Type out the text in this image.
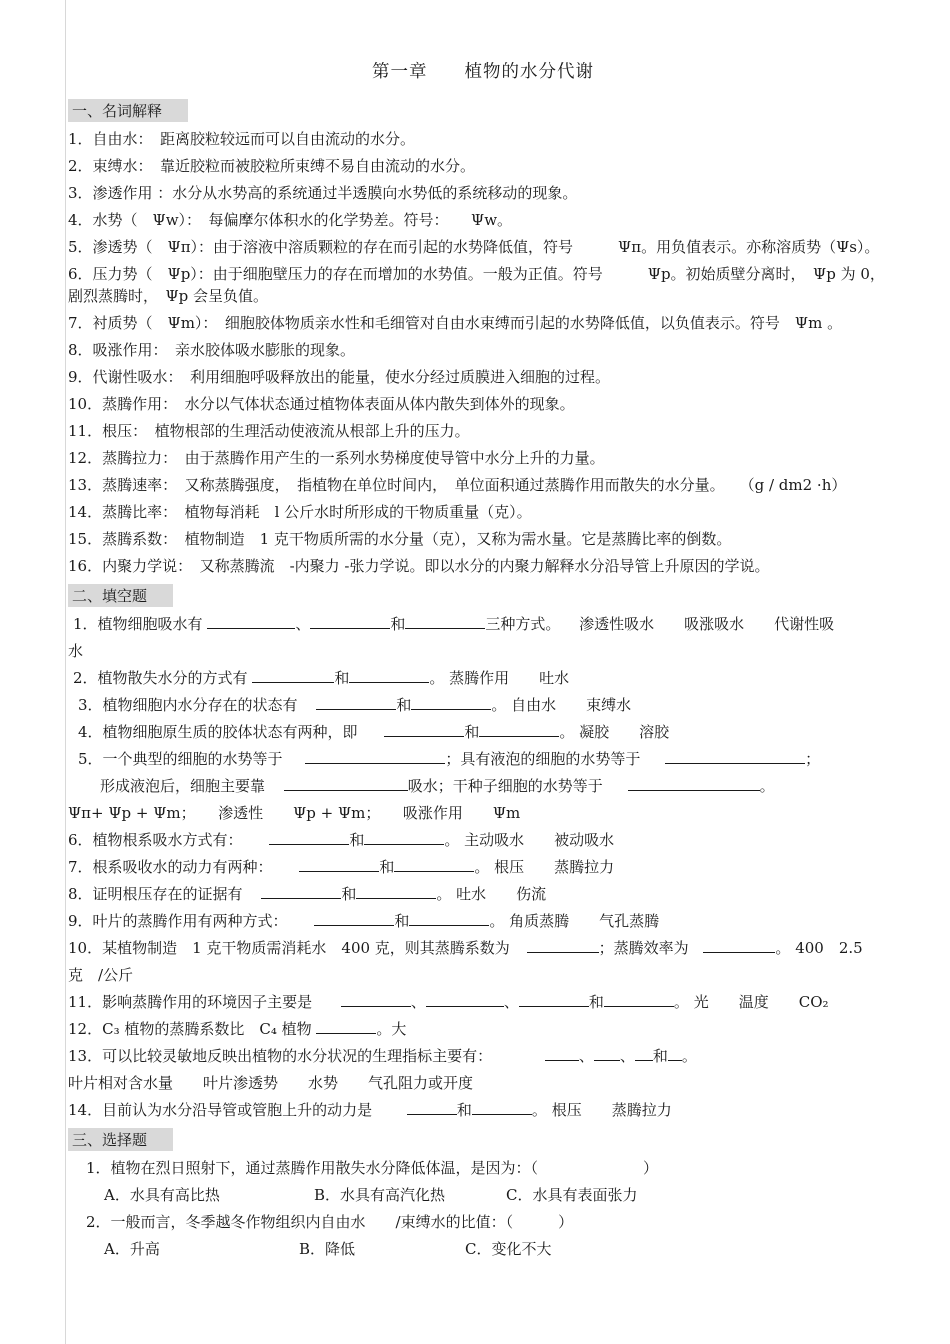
第一章　　植物的水分代谢
一、名词解释
1．自由水：　距离胶粒较远而可以自由流动的水分。
2．束缚水：　靠近胶粒而被胶粒所束缚不易自由流动的水分。
3．渗透作用 ：水分从水势高的系统通过半透膜向水势低的系统移动的现象。
4．水势（　Ψw）：　每偏摩尔体积水的化学势差。符号：　　Ψw。
5．渗透势（　Ψπ）：由于溶液中溶质颗粒的存在而引起的水势降低值，符号　　　Ψπ。用负值表示。亦称溶质势（Ψs）。
6．压力势（　Ψp）：由于细胞壁压力的存在而增加的水势值。一般为正值。符号　　　Ψp。初始质壁分离时，　Ψp 为 0，剧烈蒸腾时，　Ψp 会呈负值。
7．衬质势（　Ψm）：　细胞胶体物质亲水性和毛细管对自由水束缚而引起的水势降低值，以负值表示。符号　Ψm 。
8．吸涨作用：　亲水胶体吸水膨胀的现象。
9．代谢性吸水：　利用细胞呼吸释放出的能量，使水分经过质膜进入细胞的过程。
10．蒸腾作用：　水分以气体状态通过植物体表面从体内散失到体外的现象。
11．根压：　植物根部的生理活动使液流从根部上升的压力。
12．蒸腾拉力：　由于蒸腾作用产生的一系列水势梯度使导管中水分上升的力量。
13．蒸腾速率：　又称蒸腾强度，　指植物在单位时间内，　单位面积通过蒸腾作用而散失的水分量。　　（g / dm2 ·h）
14．蒸腾比率：　植物每消耗　l 公斤水时所形成的干物质重量（克）。
15．蒸腾系数：　植物制造　1 克干物质所需的水分量（克），又称为需水量。它是蒸腾比率的倒数。
16．内聚力学说：　又称蒸腾流　-内聚力 -张力学说。即以水分的内聚力解释水分沿导管上升原因的学说。
二、填空题
1．植物细胞吸水有	、	和	三种方式。 渗透性吸水　　吸涨吸水　　代谢性吸
水
2．植物散失水分的方式有	和	。 蒸腾作用　　吐水
3．植物细胞内水分存在的状态有	和	。 自由水　　束缚水
4．植物细胞原生质的胶体状态有两种，即	和	。 凝胶　　溶胶
5．一个典型的细胞的水势等于	；具有液泡的细胞的水势等于	；
形成液泡后，细胞主要靠	吸水；干种子细胞的水势等于	。
Ψπ+ Ψp + Ψm；　　渗透性　　Ψp + Ψm；　　吸涨作用　　Ψm
6．植物根系吸水方式有：	和	。 主动吸水　　被动吸水
7．根系吸收水的动力有两种：	和	。 根压　　蒸腾拉力
8．证明根压存在的证据有	和	。 吐水　　伤流
9．叶片的蒸腾作用有两种方式：	和	。 角质蒸腾　　气孔蒸腾
10．某植物制造　1 克干物质需消耗水　400 克，则其蒸腾系数为	；蒸腾效率为	。 400　2.5
克　/公斤
11．影响蒸腾作用的环境因子主要是	、	、	和	。 光　　温度　　CO₂
12．C₃ 植物的蒸腾系数比　C₄ 植物	。大
13．可以比较灵敏地反映出植物的水分状况的生理指标主要有：	、 、 和 。
叶片相对含水量　　叶片渗透势　　水势　　气孔阻力或开度
14．目前认为水分沿导管或管胞上升的动力是	和	。 根压　　蒸腾拉力
三、选择题
1．植物在烈日照射下，通过蒸腾作用散失水分降低体温，是因为：（　　　　　　　）
A．水具有高比热	B．水具有高汽化热	C．水具有表面张力
2．一般而言，冬季越冬作物组织内自由水　　/束缚水的比值：（　　　）
A．升高	B．降低	C．变化不大
